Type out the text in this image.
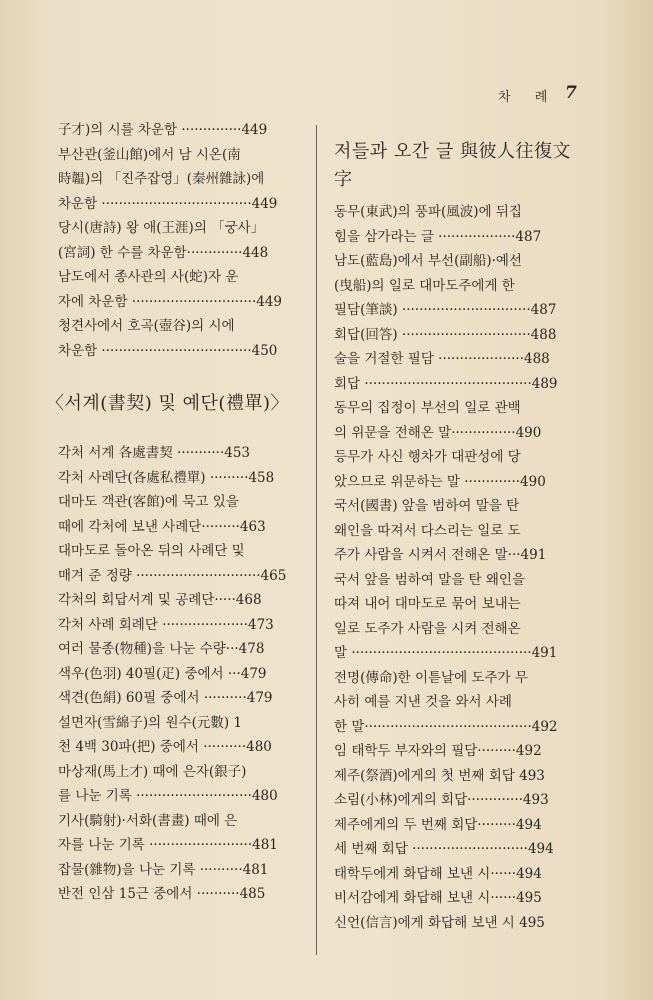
차 례 7
子才)의 시를 차운함 ··············449
부산관(釜山館)에서 남 시온(南
時韞)의 「진주잡영」(秦州雜詠)에
차운함 ···································449
당시(唐詩) 왕 애(王涯)의 「궁사」
(宮詞) 한 수를 차운함·············448
남도에서 종사관의 사(蛇)자 운
자에 차운함 ·····························449
청견사에서 호곡(壺谷)의 시에
차운함 ···································450
〈서계(書契) 및 예단(禮單)〉
각처 서계 各處書契 ···········453
각처 사례단(各處私禮單) ·········458
대마도 객관(客館)에 묵고 있을
때에 각처에 보낸 사례단·········463
대마도로 돌아온 뒤의 사례단 및
매겨 준 정량 ·····························465
각처의 회답서계 및 공례단·····468
각처 사례 회례단 ····················473
여러 물종(物種)을 나눈 수량···478
색우(色羽) 40필(疋) 중에서 ···479
색견(色絹) 60필 중에서 ··········479
설면자(雪綿子)의 원수(元數) 1
천 4백 30파(把) 중에서 ··········480
마상재(馬上才) 때에 은자(銀子)
를 나눈 기록 ···························480
기사(騎射)·서화(書畫) 때에 은
자를 나눈 기록 ························481
잡물(雜物)을 나눈 기록 ··········481
반전 인삼 15근 중에서 ··········485
저들과 오간 글 與彼人往復文
字
동무(東武)의 풍파(風波)에 뒤집
힘을 삼가라는 글 ··················487
남도(藍島)에서 부선(副船)·예선
(曳船)의 일로 대마도주에게 한
필담(筆談) ······························487
회답(回答) ······························488
술을 거절한 필담 ····················488
회답 ·······································489
동무의 집정이 부선의 일로 관백
의 위문을 전해온 말···············490
등무가 사신 행차가 대판성에 당
았으므로 위문하는 말 ·············490
국서(國書) 앞을 범하여 말을 탄
왜인을 따져서 다스리는 일로 도
주가 사람을 시켜서 전해온 말···491
국서 앞을 범하여 말을 탄 왜인을
따져 내어 대마도로 묶어 보내는
일로 도주가 사람을 시켜 전해온
말 ··········································491
전명(傳命)한 이튿날에 도주가 무
사히 예를 지낸 것을 와서 사례
한 말·······································492
임 태학두 부자와의 필담·········492
제주(祭酒)에게의 첫 번째 회답 493
소림(小林)에게의 회답·············493
제주에게의 두 번째 회답·········494
세 번째 회답 ···························494
태학두에게 화답해 보낸 시······494
비서감에게 화답해 보낸 시······495
신언(信言)에게 화답해 보낸 시 495
